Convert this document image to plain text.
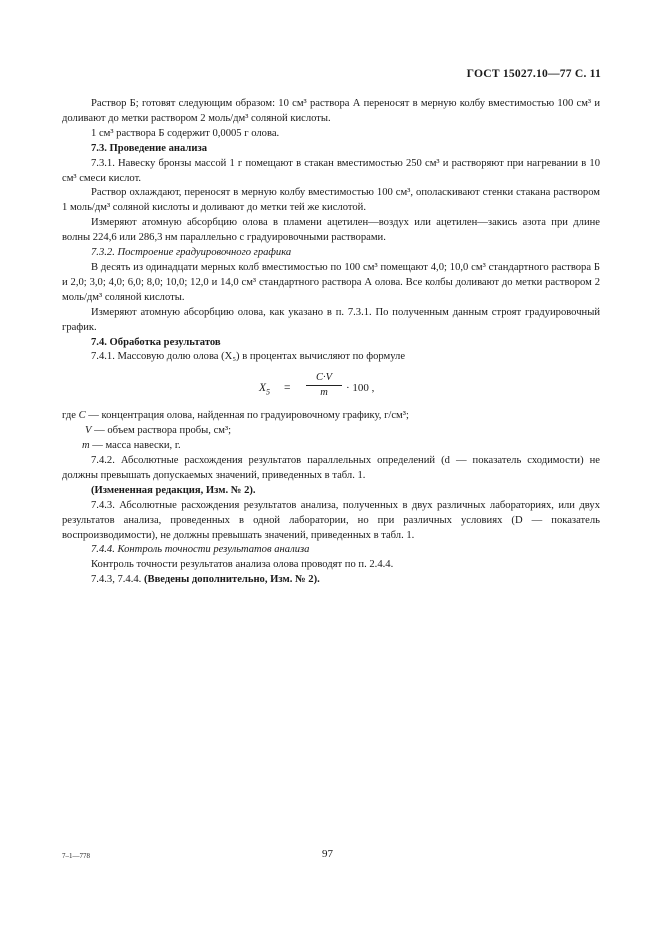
ГОСТ 15027.10—77 С. 11

Раствор Б; готовят следующим образом: 10 см³ раствора А переносят в мерную колбу вместимостью 100 см³ и доливают до метки раствором 2 моль/дм³ соляной кислоты.

1 см³ раствора Б содержит 0,0005 г олова.

7.3. Проведение анализа

7.3.1. Навеску бронзы массой 1 г помещают в стакан вместимостью 250 см³ и растворяют при нагревании в 10 см³ смеси кислот.

Раствор охлаждают, переносят в мерную колбу вместимостью 100 см³, ополаскивают стенки стакана раствором 1 моль/дм³ соляной кислоты и доливают до метки тей же кислотой.

Измеряют атомную абсорбцию олова в пламени ацетилен—воздух или ацетилен—закись азота при длине волны 224,6 или 286,3 нм параллельно с градуировочными растворами.

7.3.2. Построение градуировочного графика

В десять из одинадцати мерных колб вместимостью по 100 см³ помещают 4,0; 10,0 см³ стандартного раствора Б и 2,0; 3,0; 4,0; 6,0; 8,0; 10,0; 12,0 и 14,0 см³ стандартного раствора А олова. Все колбы доливают до метки раствором 2 моль/дм³ соляной кислоты.

Измеряют атомную абсорбцию олова, как указано в п. 7.3.1. По полученным данным строят градуировочный график.

7.4. Обработка результатов

7.4.1. Массовую долю олова (X₅) в процентах вычисляют по формуле

$X_5 = \frac{C\cdot V}{m} \cdot 100$ ,
где C — концентрация олова, найденная по градуировочному графику, г/см³;
V — объем раствора пробы, см³;
m — масса навески, г.

7.4.2. Абсолютные расхождения результатов параллельных определений (d — показатель сходимости) не должны превышать допускаемых значений, приведенных в табл. 1.

(Измененная редакция, Изм. № 2).

7.4.3. Абсолютные расхождения результатов анализа, полученных в двух различных лабораториях, или двух результатов анализа, проведенных в одной лаборатории, но при различных условиях (D — показатель воспроизводимости), не должны превышать значений, приведенных в табл. 1.

7.4.4. Контроль точности результатов анализа

Контроль точности результатов анализа олова проводят по п. 2.4.4.

7.4.3, 7.4.4. (Введены дополнительно, Изм. № 2).

7–1—778	97
